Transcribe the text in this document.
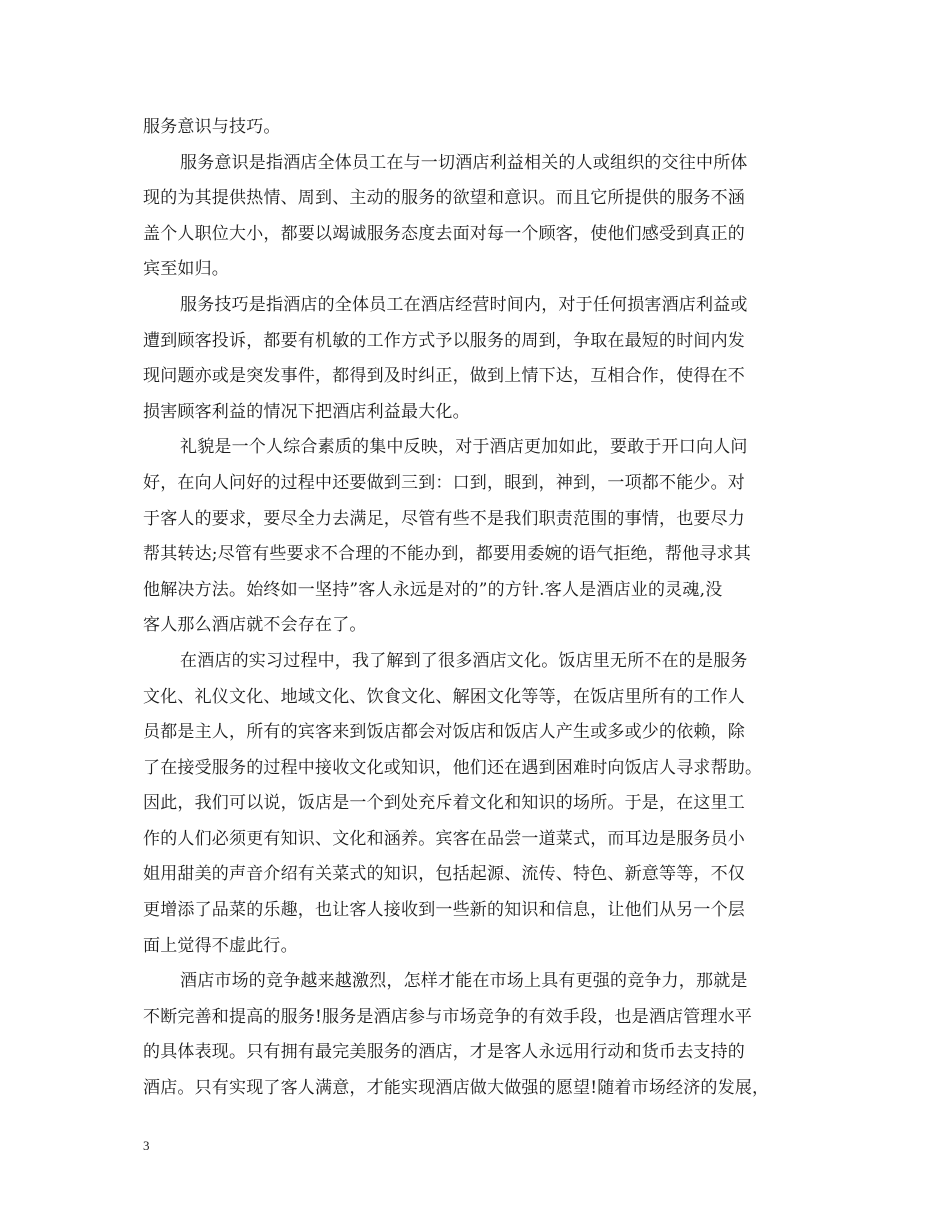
服务意识与技巧。
服务意识是指酒店全体员工在与一切酒店利益相关的人或组织的交往中所体
现的为其提供热情、周到、主动的服务的欲望和意识。而且它所提供的服务不涵
盖个人职位大小，都要以竭诚服务态度去面对每一个顾客，使他们感受到真正的
宾至如归。
服务技巧是指酒店的全体员工在酒店经营时间内，对于任何损害酒店利益或
遭到顾客投诉，都要有机敏的工作方式予以服务的周到，争取在最短的时间内发
现问题亦或是突发事件，都得到及时纠正，做到上情下达，互相合作，使得在不
损害顾客利益的情况下把酒店利益最大化。
礼貌是一个人综合素质的集中反映，对于酒店更加如此，要敢于开口向人问
好，在向人问好的过程中还要做到三到：口到，眼到，神到，一项都不能少。对
于客人的要求，要尽全力去满足，尽管有些不是我们职责范围的事情，也要尽力
帮其转达;尽管有些要求不合理的不能办到，都要用委婉的语气拒绝，帮他寻求其
他解决方法。始终如一坚持”客人永远是对的”的方针.客人是酒店业的灵魂,没
客人那么酒店就不会存在了。
在酒店的实习过程中，我了解到了很多酒店文化。饭店里无所不在的是服务
文化、礼仪文化、地域文化、饮食文化、解困文化等等，在饭店里所有的工作人
员都是主人，所有的宾客来到饭店都会对饭店和饭店人产生或多或少的依赖，除
了在接受服务的过程中接收文化或知识，他们还在遇到困难时向饭店人寻求帮助。
因此，我们可以说，饭店是一个到处充斥着文化和知识的场所。于是，在这里工
作的人们必须更有知识、文化和涵养。宾客在品尝一道菜式，而耳边是服务员小
姐用甜美的声音介绍有关菜式的知识，包括起源、流传、特色、新意等等，不仅
更增添了品菜的乐趣，也让客人接收到一些新的知识和信息，让他们从另一个层
面上觉得不虚此行。
酒店市场的竞争越来越激烈，怎样才能在市场上具有更强的竞争力，那就是
不断完善和提高的服务!服务是酒店参与市场竞争的有效手段，也是酒店管理水平
的具体表现。只有拥有最完美服务的酒店，才是客人永远用行动和货币去支持的
酒店。只有实现了客人满意，才能实现酒店做大做强的愿望!随着市场经济的发展，
3
